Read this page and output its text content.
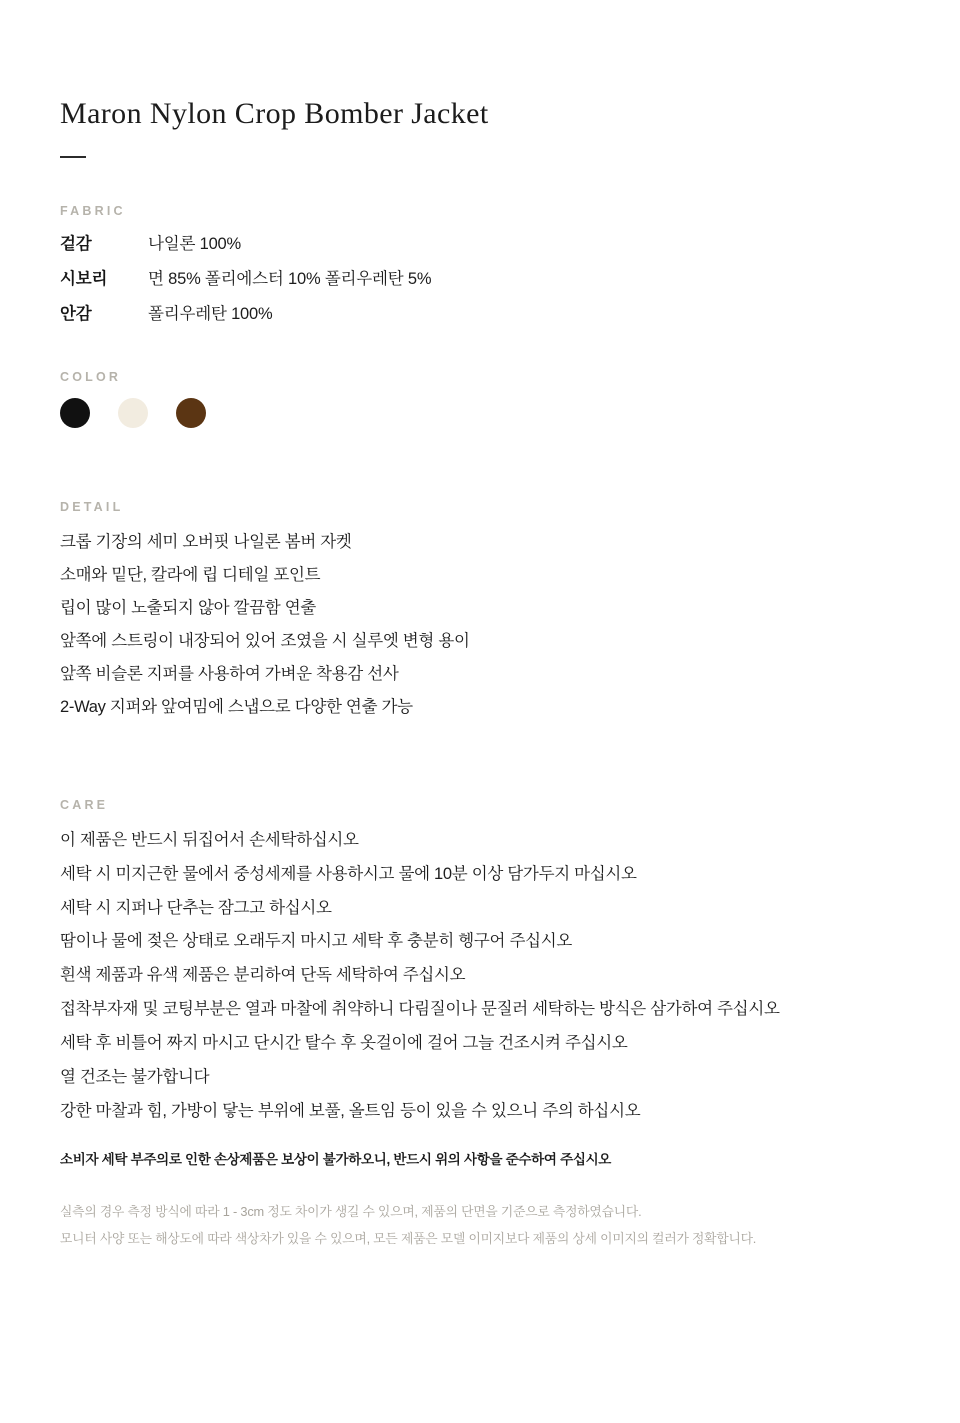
Maron Nylon Crop Bomber Jacket
FABRIC
겉감	나일론 100%
시보리	면 85% 폴리에스터 10% 폴리우레탄 5%
안감	폴리우레탄 100%
COLOR
DETAIL
크롭 기장의 세미 오버핏 나일론 봄버 자켓
소매와 밑단, 칼라에 립 디테일 포인트
립이 많이 노출되지 않아 깔끔함 연출
앞쪽에 스트링이 내장되어 있어 조였을 시 실루엣 변형 용이
앞쪽 비슬론 지퍼를 사용하여 가벼운 착용감 선사
2-Way 지퍼와 앞여밈에 스냅으로 다양한 연출 가능
CARE
이 제품은 반드시 뒤집어서 손세탁하십시오
세탁 시 미지근한 물에서 중성세제를 사용하시고 물에 10분 이상 담가두지 마십시오
세탁 시 지퍼나 단추는 잠그고 하십시오
땀이나 물에 젖은 상태로 오래두지 마시고 세탁 후 충분히 헹구어 주십시오
흰색 제품과 유색 제품은 분리하여 단독 세탁하여 주십시오
접착부자재 및 코팅부분은 열과 마찰에 취약하니 다림질이나 문질러 세탁하는 방식은 삼가하여 주십시오
세탁 후 비틀어 짜지 마시고 단시간 탈수 후 옷걸이에 걸어 그늘 건조시켜 주십시오
열 건조는 불가합니다
강한 마찰과 힘, 가방이 닿는 부위에 보풀, 올트임 등이 있을 수 있으니 주의 하십시오
소비자 세탁 부주의로 인한 손상제품은 보상이 불가하오니, 반드시 위의 사항을 준수하여 주십시오

실측의 경우 측정 방식에 따라 1 - 3cm 정도 차이가 생길 수 있으며, 제품의 단면을 기준으로 측정하였습니다.

모니터 사양 또는 해상도에 따라 색상차가 있을 수 있으며, 모든 제품은 모델 이미지보다 제품의 상세 이미지의 컬러가 정확합니다.
